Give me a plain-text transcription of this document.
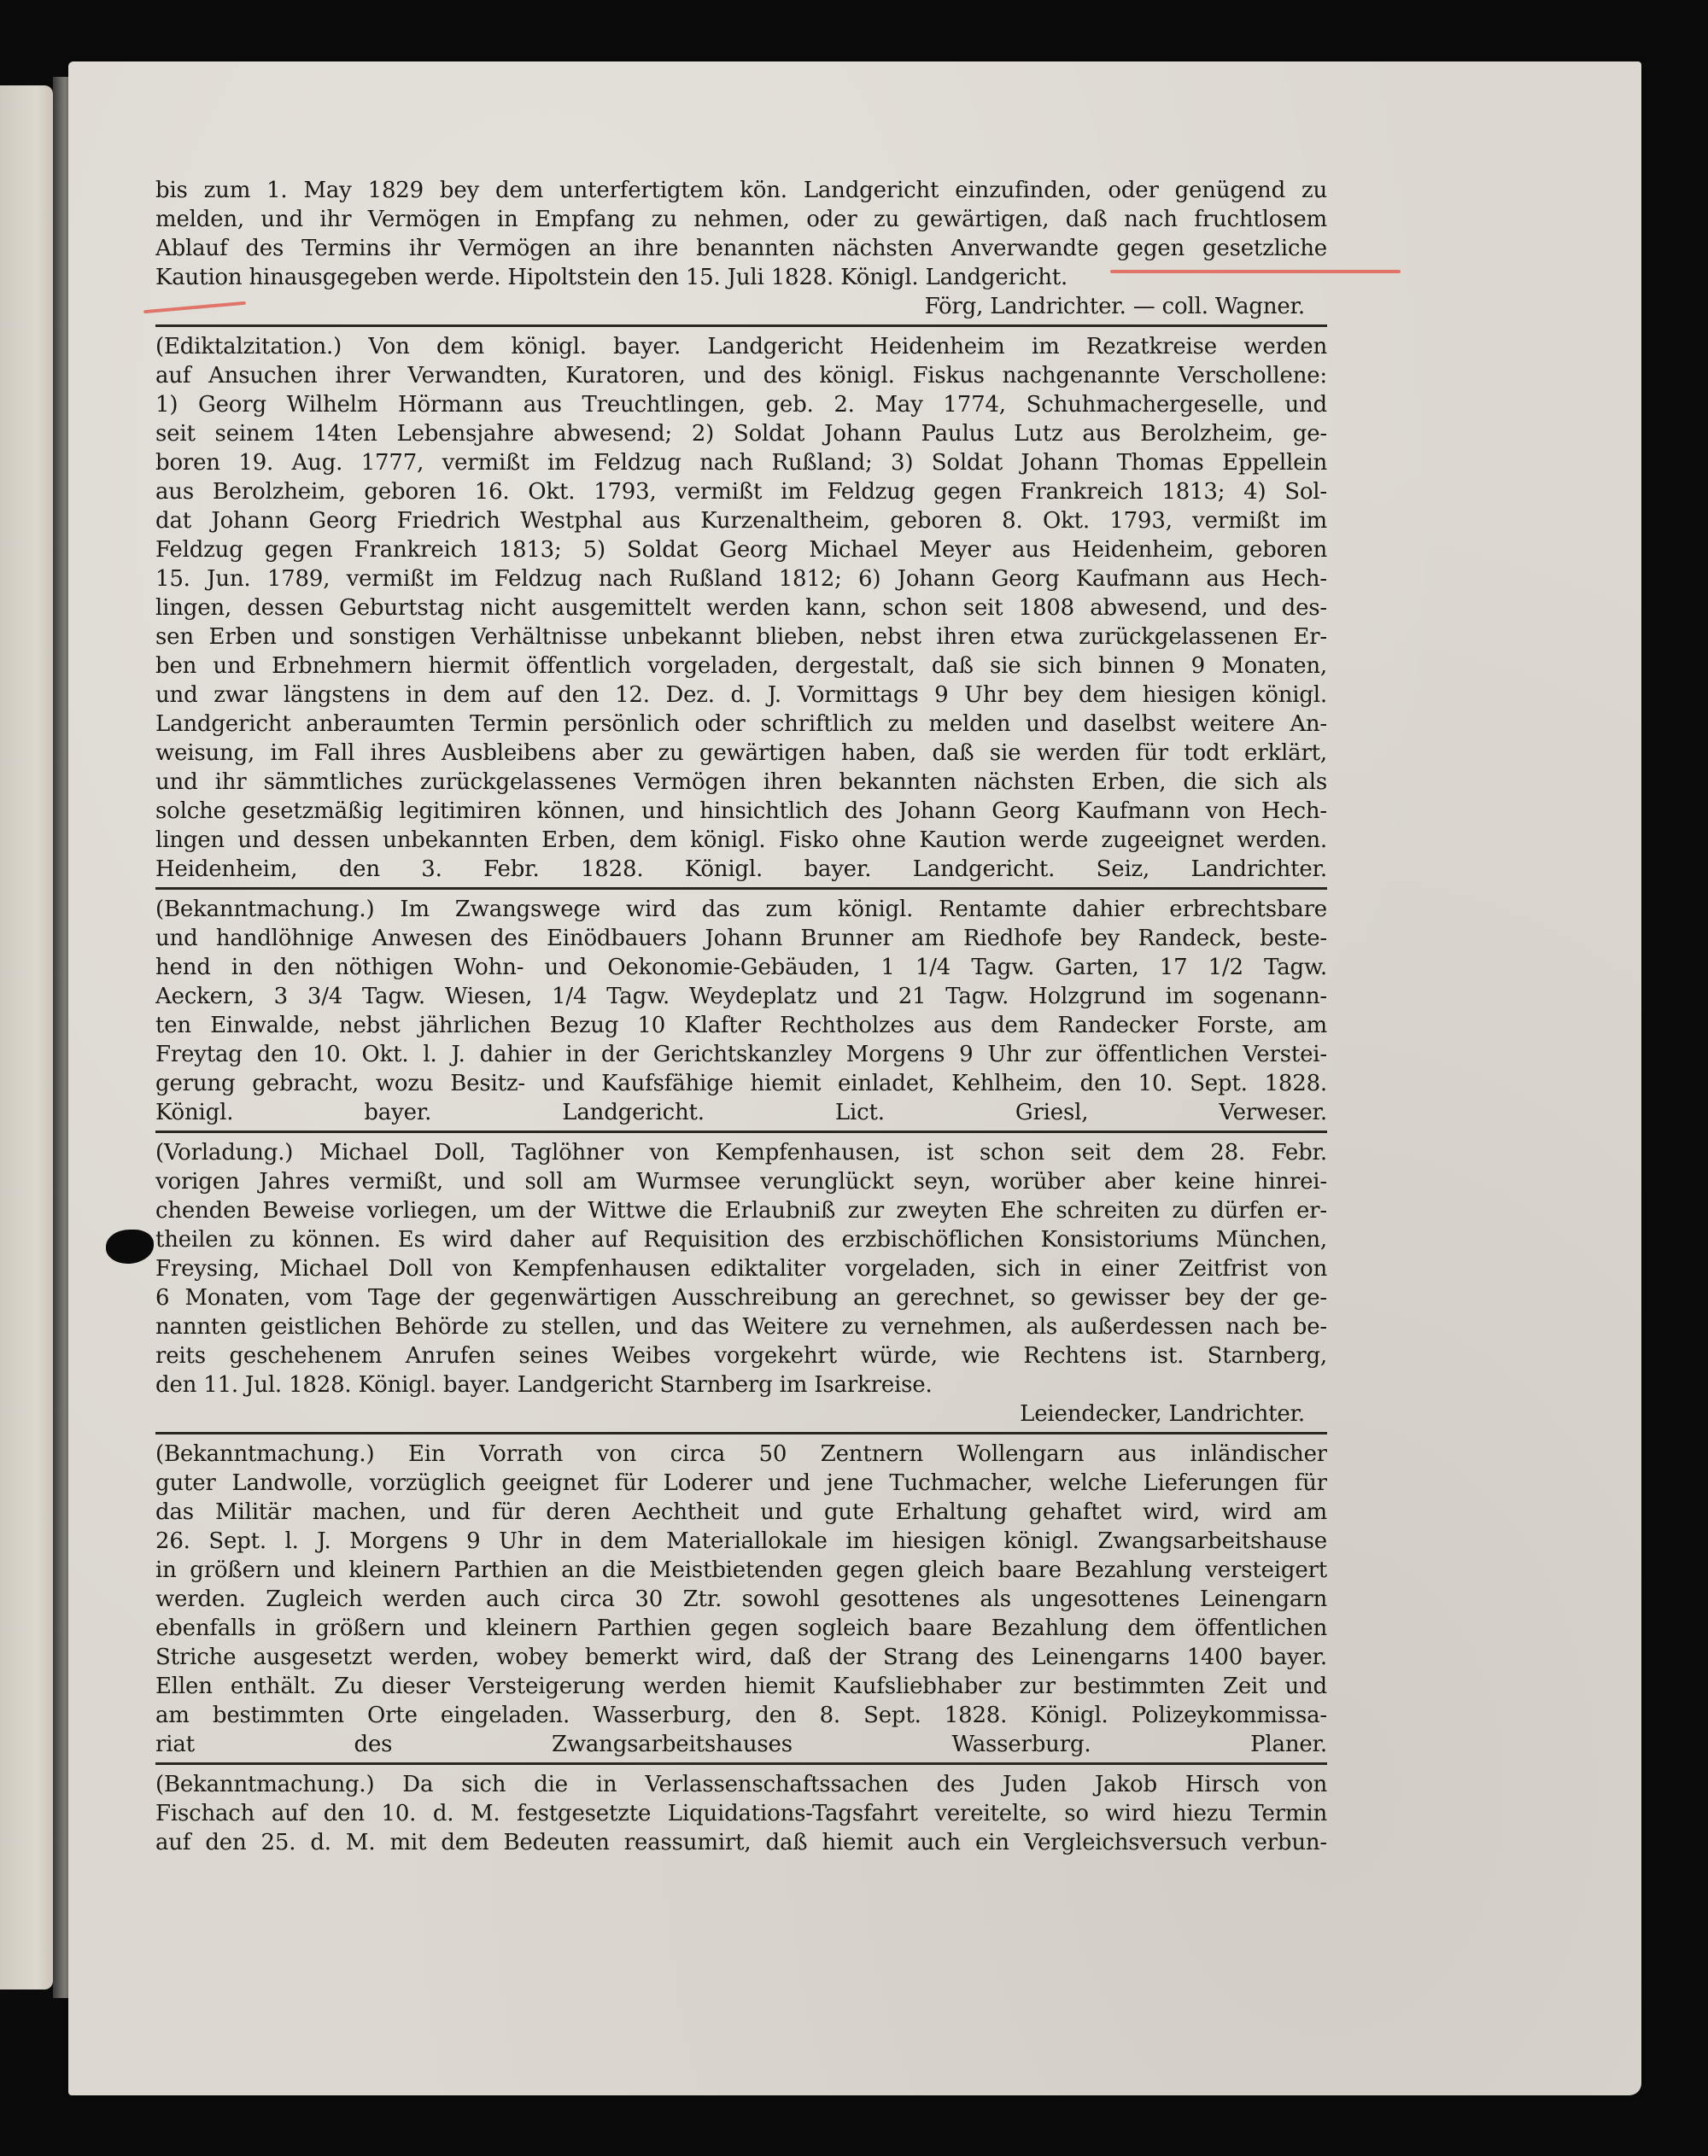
bis zum 1. May 1829 bey dem unterfertigtem kön. Landgericht einzufinden, oder genügend zu
melden, und ihr Vermögen in Empfang zu nehmen, oder zu gewärtigen, daß nach fruchtlosem
Ablauf des Termins ihr Vermögen an ihre benannten nächsten Anverwandte gegen gesetzliche
Kaution hinausgegeben werde. Hipoltstein den 15. Juli 1828. Königl. Landgericht.
Förg, Landrichter. — coll. Wagner.
(Ediktalzitation.) Von dem königl. bayer. Landgericht Heidenheim im Rezatkreise werden
auf Ansuchen ihrer Verwandten, Kuratoren, und des königl. Fiskus nachgenannte Verschollene:
1) Georg Wilhelm Hörmann aus Treuchtlingen, geb. 2. May 1774, Schuhmachergeselle, und
seit seinem 14ten Lebensjahre abwesend; 2) Soldat Johann Paulus Lutz aus Berolzheim, ge-
boren 19. Aug. 1777, vermißt im Feldzug nach Rußland; 3) Soldat Johann Thomas Eppellein
aus Berolzheim, geboren 16. Okt. 1793, vermißt im Feldzug gegen Frankreich 1813; 4) Sol-
dat Johann Georg Friedrich Westphal aus Kurzenaltheim, geboren 8. Okt. 1793, vermißt im
Feldzug gegen Frankreich 1813; 5) Soldat Georg Michael Meyer aus Heidenheim, geboren
15. Jun. 1789, vermißt im Feldzug nach Rußland 1812; 6) Johann Georg Kaufmann aus Hech-
lingen, dessen Geburtstag nicht ausgemittelt werden kann, schon seit 1808 abwesend, und des-
sen Erben und sonstigen Verhältnisse unbekannt blieben, nebst ihren etwa zurückgelassenen Er-
ben und Erbnehmern hiermit öffentlich vorgeladen, dergestalt, daß sie sich binnen 9 Monaten,
und zwar längstens in dem auf den 12. Dez. d. J. Vormittags 9 Uhr bey dem hiesigen königl.
Landgericht anberaumten Termin persönlich oder schriftlich zu melden und daselbst weitere An-
weisung, im Fall ihres Ausbleibens aber zu gewärtigen haben, daß sie werden für todt erklärt,
und ihr sämmtliches zurückgelassenes Vermögen ihren bekannten nächsten Erben, die sich als
solche gesetzmäßig legitimiren können, und hinsichtlich des Johann Georg Kaufmann von Hech-
lingen und dessen unbekannten Erben, dem königl. Fisko ohne Kaution werde zugeeignet werden.
Heidenheim, den 3. Febr. 1828. Königl. bayer. Landgericht. Seiz, Landrichter.
(Bekanntmachung.) Im Zwangswege wird das zum königl. Rentamte dahier erbrechtsbare
und handlöhnige Anwesen des Einödbauers Johann Brunner am Riedhofe bey Randeck, beste-
hend in den nöthigen Wohn- und Oekonomie-Gebäuden, 1 1/4 Tagw. Garten, 17 1/2 Tagw.
Aeckern, 3 3/4 Tagw. Wiesen, 1/4 Tagw. Weydeplatz und 21 Tagw. Holzgrund im sogenann-
ten Einwalde, nebst jährlichen Bezug 10 Klafter Rechtholzes aus dem Randecker Forste, am
Freytag den 10. Okt. l. J. dahier in der Gerichtskanzley Morgens 9 Uhr zur öffentlichen Verstei-
gerung gebracht, wozu Besitz- und Kaufsfähige hiemit einladet, Kehlheim, den 10. Sept. 1828.
Königl. bayer. Landgericht. Lict. Griesl, Verweser.
(Vorladung.) Michael Doll, Taglöhner von Kempfenhausen, ist schon seit dem 28. Febr.
vorigen Jahres vermißt, und soll am Wurmsee verunglückt seyn, worüber aber keine hinrei-
chenden Beweise vorliegen, um der Wittwe die Erlaubniß zur zweyten Ehe schreiten zu dürfen er-
theilen zu können. Es wird daher auf Requisition des erzbischöflichen Konsistoriums München,
Freysing, Michael Doll von Kempfenhausen ediktaliter vorgeladen, sich in einer Zeitfrist von
6 Monaten, vom Tage der gegenwärtigen Ausschreibung an gerechnet, so gewisser bey der ge-
nannten geistlichen Behörde zu stellen, und das Weitere zu vernehmen, als außerdessen nach be-
reits geschehenem Anrufen seines Weibes vorgekehrt würde, wie Rechtens ist. Starnberg,
den 11. Jul. 1828. Königl. bayer. Landgericht Starnberg im Isarkreise.
Leiendecker, Landrichter.
(Bekanntmachung.) Ein Vorrath von circa 50 Zentnern Wollengarn aus inländischer
guter Landwolle, vorzüglich geeignet für Loderer und jene Tuchmacher, welche Lieferungen für
das Militär machen, und für deren Aechtheit und gute Erhaltung gehaftet wird, wird am
26. Sept. l. J. Morgens 9 Uhr in dem Materiallokale im hiesigen königl. Zwangsarbeitshause
in größern und kleinern Parthien an die Meistbietenden gegen gleich baare Bezahlung versteigert
werden. Zugleich werden auch circa 30 Ztr. sowohl gesottenes als ungesottenes Leinengarn
ebenfalls in größern und kleinern Parthien gegen sogleich baare Bezahlung dem öffentlichen
Striche ausgesetzt werden, wobey bemerkt wird, daß der Strang des Leinengarns 1400 bayer.
Ellen enthält. Zu dieser Versteigerung werden hiemit Kaufsliebhaber zur bestimmten Zeit und
am bestimmten Orte eingeladen. Wasserburg, den 8. Sept. 1828. Königl. Polizeykommissa-
riat des Zwangsarbeitshauses Wasserburg. Planer.
(Bekanntmachung.) Da sich die in Verlassenschaftssachen des Juden Jakob Hirsch von
Fischach auf den 10. d. M. festgesetzte Liquidations-Tagsfahrt vereitelte, so wird hiezu Termin
auf den 25. d. M. mit dem Bedeuten reassumirt, daß hiemit auch ein Vergleichsversuch verbun-
